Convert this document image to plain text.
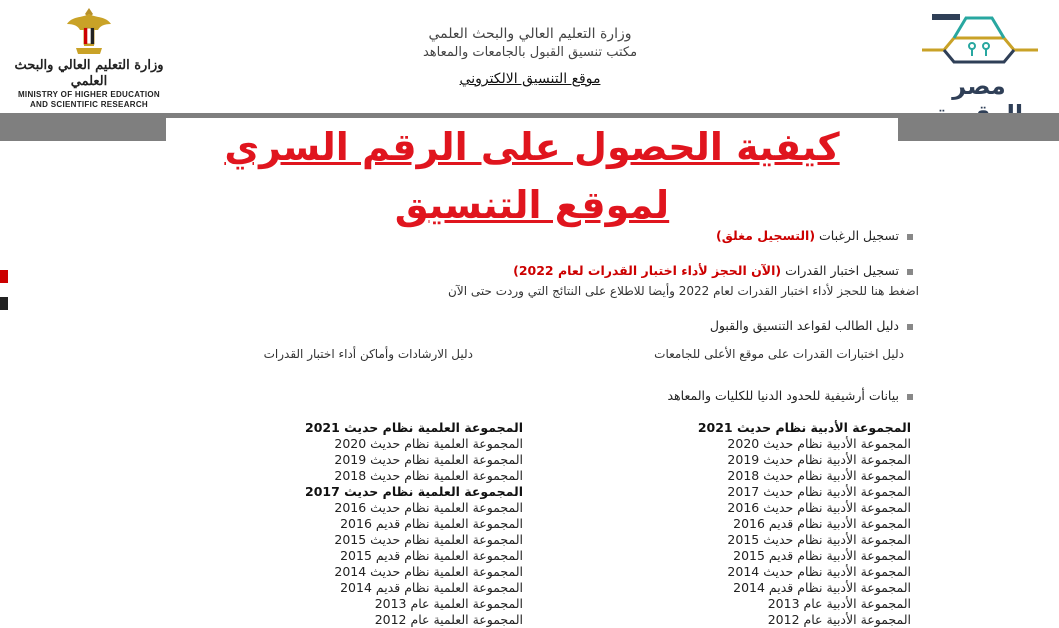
وزارة التعليم العالي والبحث العلمي
MINISTRY OF HIGHER EDUCATION
AND SCIENTIFIC RESEARCH
وزارة التعليم العالي والبحث العلمي
مكتب تنسيق القبول بالجامعات والمعاهد
موقع التنسيق الالكتروني	مصر
كيفية الحصول على الرقم السري لموقع التنسيق
تسجيل الرغبات (التسجيل مغلق)
تسجيل اختبار القدرات (الآن الحجز لأداء اختبار القدرات لعام 2022)
اضغط هنا للحجز لأداء اختبار القدرات لعام 2022 وأيضا للاطلاع على النتائج التي وردت حتى الآن
دليل الطالب لقواعد التنسيق والقبول
دليل اختبارات القدرات على موقع الأعلى للجامعات
دليل الارشادات وأماكن أداء اختبار القدرات
بيانات أرشيفية للحدود الدنيا للكليات والمعاهد
المجموعة الأدبية نظام حديث 2021
المجموعة الأدبية نظام حديث 2020
المجموعة الأدبية نظام حديث 2019
المجموعة الأدبية نظام حديث 2018
المجموعة الأدبية نظام حديث 2017
المجموعة الأدبية نظام حديث 2016
المجموعة الأدبية نظام قديم 2016
المجموعة الأدبية نظام حديث 2015
المجموعة الأدبية نظام قديم 2015
المجموعة الأدبية نظام حديث 2014
المجموعة الأدبية نظام قديم 2014
المجموعة الأدبية عام 2013
المجموعة الأدبية عام 2012
المجموعة العلمية نظام حديث 2021
المجموعة العلمية نظام حديث 2020
المجموعة العلمية نظام حديث 2019
المجموعة العلمية نظام حديث 2018
المجموعة العلمية نظام حديث 2017
المجموعة العلمية نظام حديث 2016
المجموعة العلمية نظام قديم 2016
المجموعة العلمية نظام حديث 2015
المجموعة العلمية نظام قديم 2015
المجموعة العلمية نظام حديث 2014
المجموعة العلمية نظام قديم 2014
المجموعة العلمية عام 2013
المجموعة العلمية عام 2012
